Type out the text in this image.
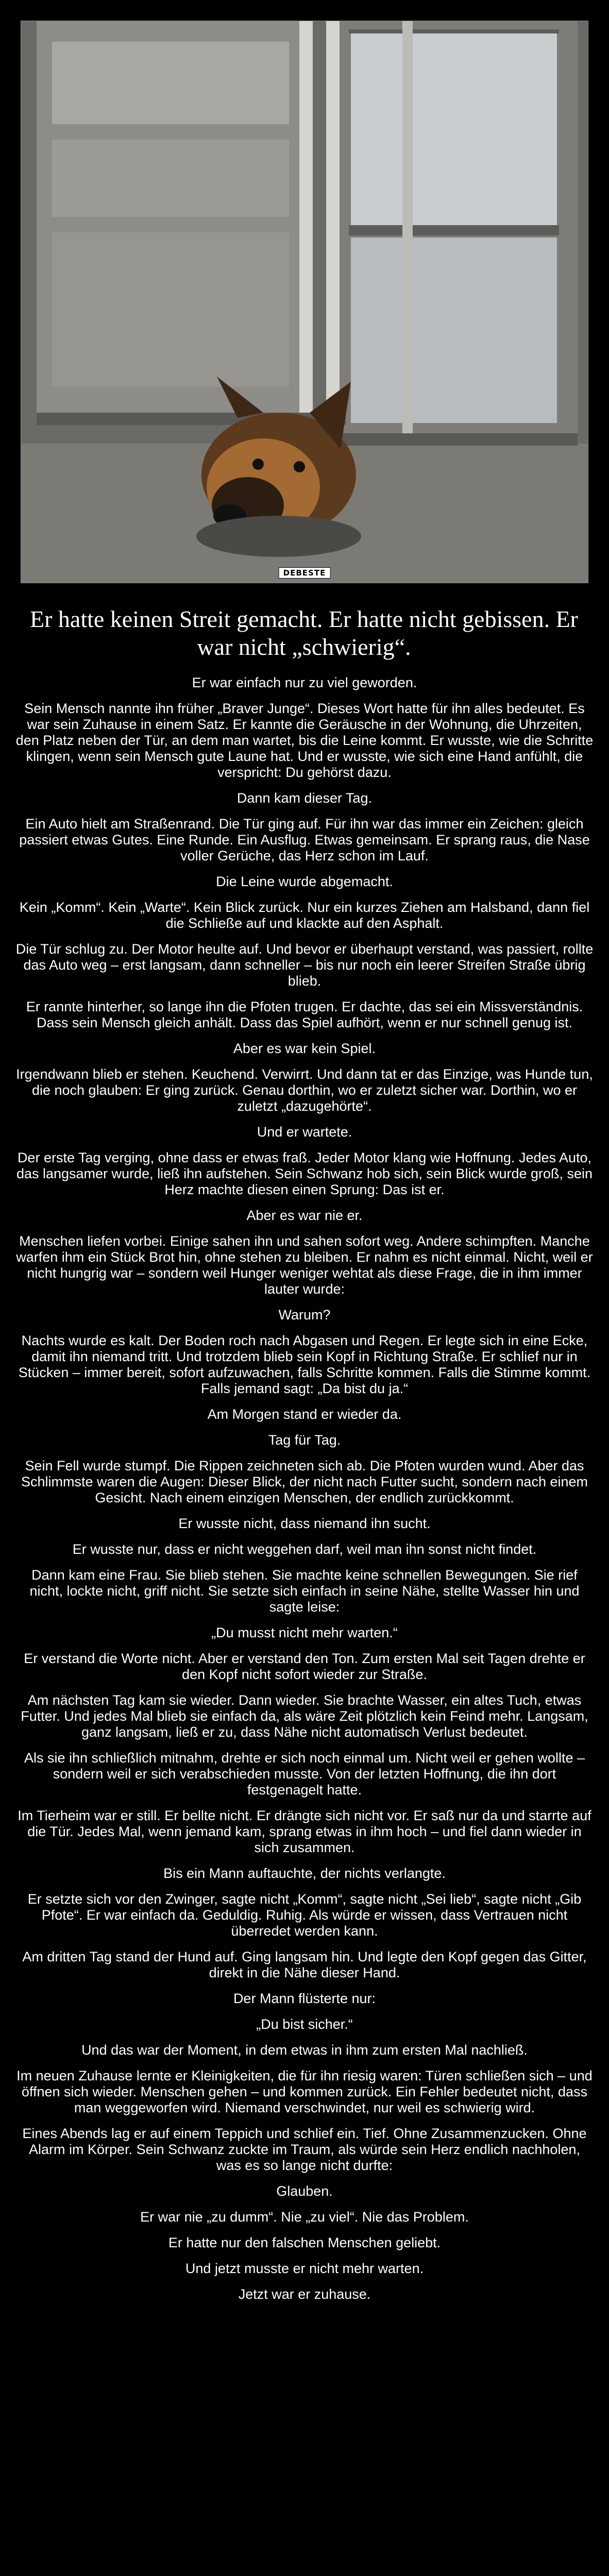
DEBESTE
Er hatte keinen Streit gemacht. Er hatte nicht gebissen. Er war nicht „schwierig“.

Er war einfach nur zu viel geworden.

Sein Mensch nannte ihn früher „Braver Junge“. Dieses Wort hatte für ihn alles bedeutet. Es war sein Zuhause in einem Satz. Er kannte die Geräusche in der Wohnung, die Uhrzeiten, den Platz neben der Tür, an dem man wartet, bis die Leine kommt. Er wusste, wie die Schritte klingen, wenn sein Mensch gute Laune hat. Und er wusste, wie sich eine Hand anfühlt, die verspricht: Du gehörst dazu.

Dann kam dieser Tag.

Ein Auto hielt am Straßenrand. Die Tür ging auf. Für ihn war das immer ein Zeichen: gleich passiert etwas Gutes. Eine Runde. Ein Ausflug. Etwas gemeinsam. Er sprang raus, die Nase voller Gerüche, das Herz schon im Lauf.

Die Leine wurde abgemacht.

Kein „Komm“. Kein „Warte“. Kein Blick zurück. Nur ein kurzes Ziehen am Halsband, dann fiel die Schließe auf und klackte auf den Asphalt.

Die Tür schlug zu. Der Motor heulte auf. Und bevor er überhaupt verstand, was passiert, rollte das Auto weg – erst langsam, dann schneller – bis nur noch ein leerer Streifen Straße übrig blieb.

Er rannte hinterher, so lange ihn die Pfoten trugen. Er dachte, das sei ein Missverständnis. Dass sein Mensch gleich anhält. Dass das Spiel aufhört, wenn er nur schnell genug ist.

Aber es war kein Spiel.

Irgendwann blieb er stehen. Keuchend. Verwirrt. Und dann tat er das Einzige, was Hunde tun, die noch glauben: Er ging zurück. Genau dorthin, wo er zuletzt sicher war. Dorthin, wo er zuletzt „dazugehörte“.

Und er wartete.

Der erste Tag verging, ohne dass er etwas fraß. Jeder Motor klang wie Hoffnung. Jedes Auto, das langsamer wurde, ließ ihn aufstehen. Sein Schwanz hob sich, sein Blick wurde groß, sein Herz machte diesen einen Sprung: Das ist er.

Aber es war nie er.

Menschen liefen vorbei. Einige sahen ihn und sahen sofort weg. Andere schimpften. Manche warfen ihm ein Stück Brot hin, ohne stehen zu bleiben. Er nahm es nicht einmal. Nicht, weil er nicht hungrig war – sondern weil Hunger weniger wehtat als diese Frage, die in ihm immer lauter wurde:

Warum?

Nachts wurde es kalt. Der Boden roch nach Abgasen und Regen. Er legte sich in eine Ecke, damit ihn niemand tritt. Und trotzdem blieb sein Kopf in Richtung Straße. Er schlief nur in Stücken – immer bereit, sofort aufzuwachen, falls Schritte kommen. Falls die Stimme kommt. Falls jemand sagt: „Da bist du ja.“

Am Morgen stand er wieder da.

Tag für Tag.

Sein Fell wurde stumpf. Die Rippen zeichneten sich ab. Die Pfoten wurden wund. Aber das Schlimmste waren die Augen: Dieser Blick, der nicht nach Futter sucht, sondern nach einem Gesicht. Nach einem einzigen Menschen, der endlich zurückkommt.

Er wusste nicht, dass niemand ihn sucht.

Er wusste nur, dass er nicht weggehen darf, weil man ihn sonst nicht findet.

Dann kam eine Frau. Sie blieb stehen. Sie machte keine schnellen Bewegungen. Sie rief nicht, lockte nicht, griff nicht. Sie setzte sich einfach in seine Nähe, stellte Wasser hin und sagte leise:

„Du musst nicht mehr warten.“

Er verstand die Worte nicht. Aber er verstand den Ton. Zum ersten Mal seit Tagen drehte er den Kopf nicht sofort wieder zur Straße.

Am nächsten Tag kam sie wieder. Dann wieder. Sie brachte Wasser, ein altes Tuch, etwas Futter. Und jedes Mal blieb sie einfach da, als wäre Zeit plötzlich kein Feind mehr. Langsam, ganz langsam, ließ er zu, dass Nähe nicht automatisch Verlust bedeutet.

Als sie ihn schließlich mitnahm, drehte er sich noch einmal um. Nicht weil er gehen wollte – sondern weil er sich verabschieden musste. Von der letzten Hoffnung, die ihn dort festgenagelt hatte.

Im Tierheim war er still. Er bellte nicht. Er drängte sich nicht vor. Er saß nur da und starrte auf die Tür. Jedes Mal, wenn jemand kam, sprang etwas in ihm hoch – und fiel dann wieder in sich zusammen.

Bis ein Mann auftauchte, der nichts verlangte.

Er setzte sich vor den Zwinger, sagte nicht „Komm“, sagte nicht „Sei lieb“, sagte nicht „Gib Pfote“. Er war einfach da. Geduldig. Ruhig. Als würde er wissen, dass Vertrauen nicht überredet werden kann.

Am dritten Tag stand der Hund auf. Ging langsam hin. Und legte den Kopf gegen das Gitter, direkt in die Nähe dieser Hand.

Der Mann flüsterte nur:

„Du bist sicher.“

Und das war der Moment, in dem etwas in ihm zum ersten Mal nachließ.

Im neuen Zuhause lernte er Kleinigkeiten, die für ihn riesig waren: Türen schließen sich – und öffnen sich wieder. Menschen gehen – und kommen zurück. Ein Fehler bedeutet nicht, dass man weggeworfen wird. Niemand verschwindet, nur weil es schwierig wird.

Eines Abends lag er auf einem Teppich und schlief ein. Tief. Ohne Zusammenzucken. Ohne Alarm im Körper. Sein Schwanz zuckte im Traum, als würde sein Herz endlich nachholen, was es so lange nicht durfte:

Glauben.

Er war nie „zu dumm“. Nie „zu viel“. Nie das Problem.

Er hatte nur den falschen Menschen geliebt.

Und jetzt musste er nicht mehr warten.

Jetzt war er zuhause.
